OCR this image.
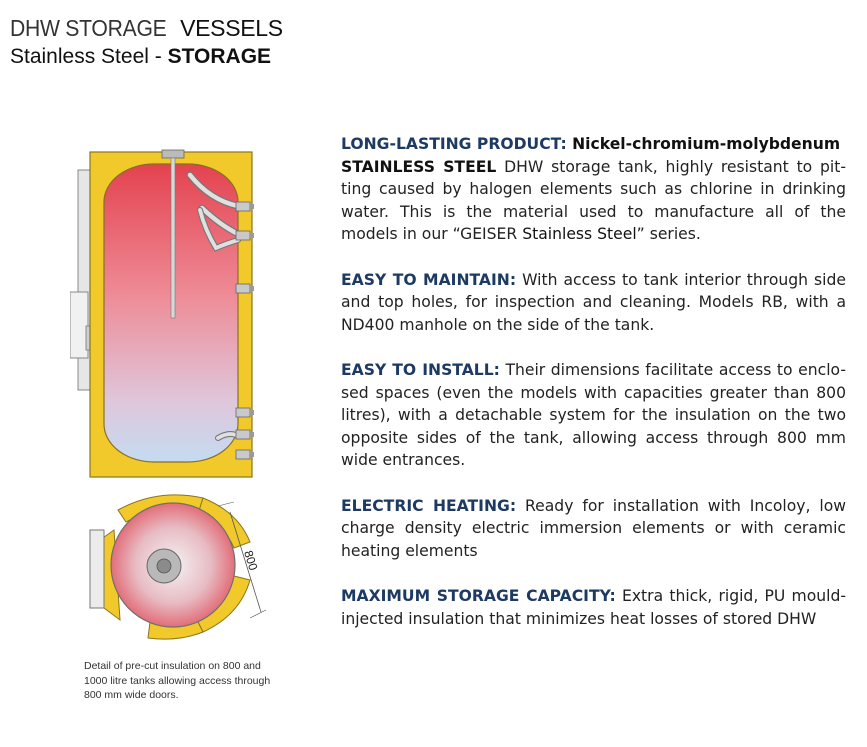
DHW STORAGEVESSELS
Stainless Steel - STORAGE
800
Detail of pre-cut insulation on 800 and 1000 litre tanks allowing access through 800 mm wide doors.

LONG-LASTING PRODUCT: Nickel-chromium-molybdenum
STAINLESS STEEL DHW storage tank, highly resistant to pit-ting caused by halogen elements such as chlorine in drinking water. This is the material used to manufacture all of the models in our “GEISER Stainless Steel” series.

EASY TO MAINTAIN: With access to tank interior through side and top holes, for inspection and cleaning. Models RB, with a ND400 manhole on the side of the tank.

EASY TO INSTALL: Their dimensions facilitate access to enclo-sed spaces (even the models with capacities greater than 800 litres), with a detachable system for the insulation on the two opposite sides of the tank, allowing access through 800 mm wide entrances.

ELECTRIC HEATING: Ready for installation with Incoloy, low charge density electric immersion elements or with ceramic heating elements

MAXIMUM STORAGE CAPACITY: Extra thick, rigid, PU mould-injected insulation that minimizes heat losses of stored DHW
